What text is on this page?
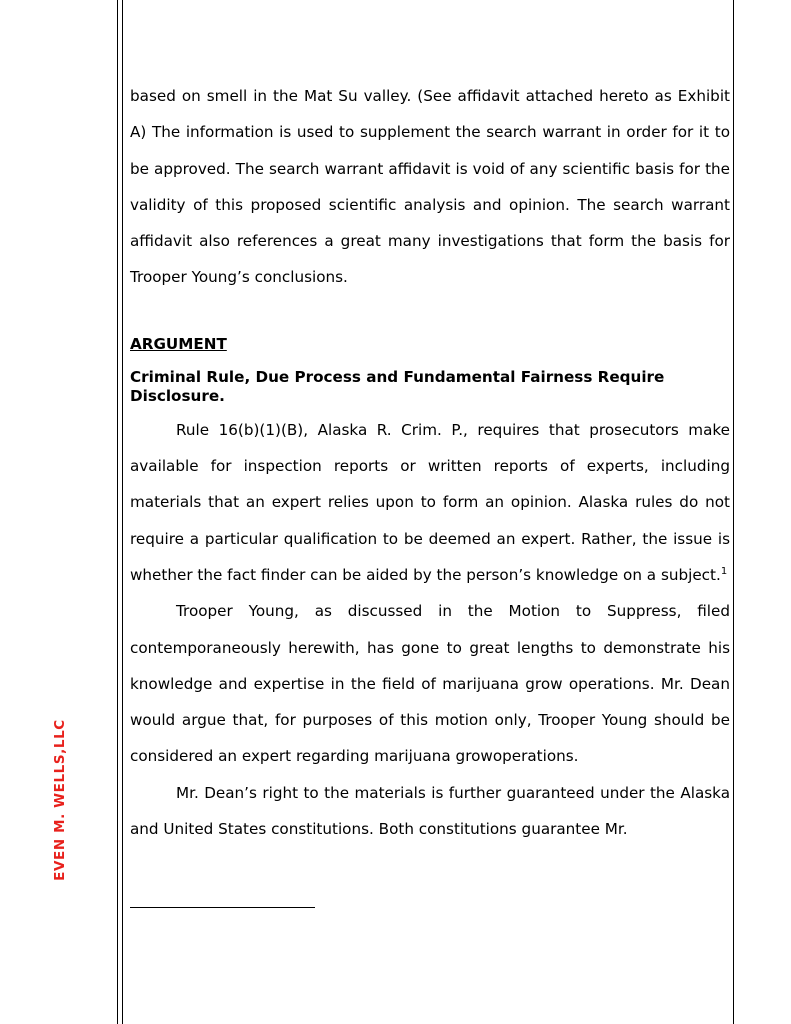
EVEN M. WELLS,LLC

based on smell in the Mat Su valley. (See affidavit attached hereto as Exhibit A) The information is used to supplement the search warrant in order for it to be approved. The search warrant affidavit is void of any scientific basis for the validity of this proposed scientific analysis and opinion. The search warrant affidavit also references a great many investigations that form the basis for Trooper Young’s conclusions.

ARGUMENT

Criminal Rule, Due Process and Fundamental Fairness Require Disclosure.

Rule 16(b)(1)(B), Alaska R. Crim. P., requires that prosecutors make available for inspection reports or written reports of experts, including materials that an expert relies upon to form an opinion. Alaska rules do not require a particular qualification to be deemed an expert. Rather, the issue is whether the fact finder can be aided by the person’s knowledge on a subject.$^1$

Trooper Young, as discussed in the Motion to Suppress, filed contemporaneously herewith, has gone to great lengths to demonstrate his knowledge and expertise in the field of marijuana grow operations. Mr. Dean would argue that, for purposes of this motion only, Trooper Young should be considered an expert regarding marijuana growoperations.

Mr. Dean’s right to the materials is further guaranteed under the Alaska and United States constitutions. Both constitutions guarantee Mr.
